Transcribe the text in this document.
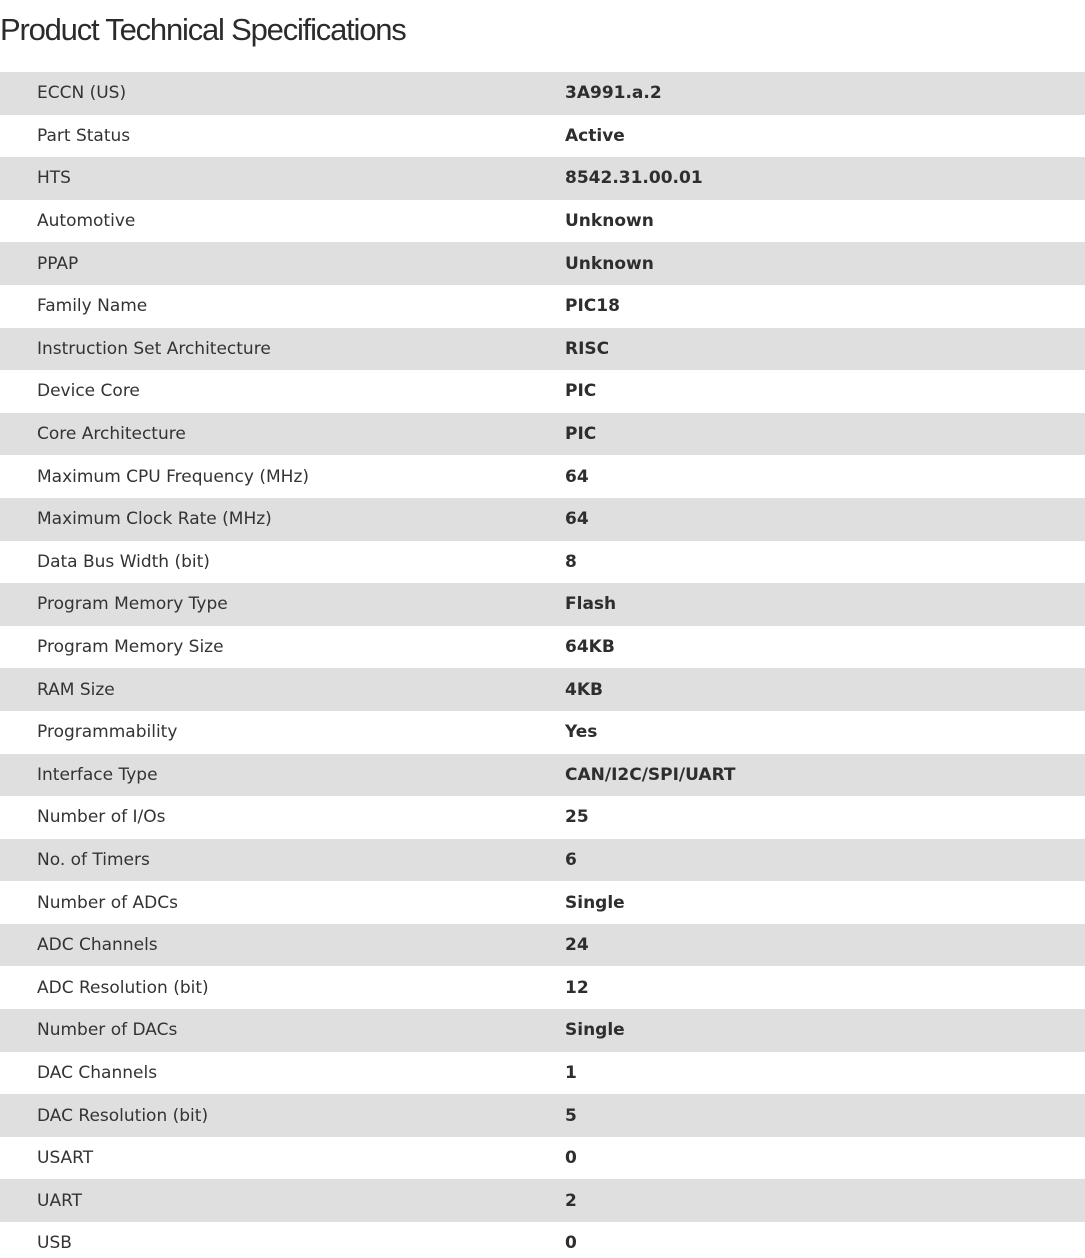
Product Technical Specifications
ECCN (US)	3A991.a.2
Part Status	Active
HTS	8542.31.00.01
Automotive	Unknown
PPAP	Unknown
Family Name	PIC18
Instruction Set Architecture	RISC
Device Core	PIC
Core Architecture	PIC
Maximum CPU Frequency (MHz)	64
Maximum Clock Rate (MHz)	64
Data Bus Width (bit)	8
Program Memory Type	Flash
Program Memory Size	64KB
RAM Size	4KB
Programmability	Yes
Interface Type	CAN/I2C/SPI/UART
Number of I/Os	25
No. of Timers	6
Number of ADCs	Single
ADC Channels	24
ADC Resolution (bit)	12
Number of DACs	Single
DAC Channels	1
DAC Resolution (bit)	5
USART	0
UART	2
USB	0
